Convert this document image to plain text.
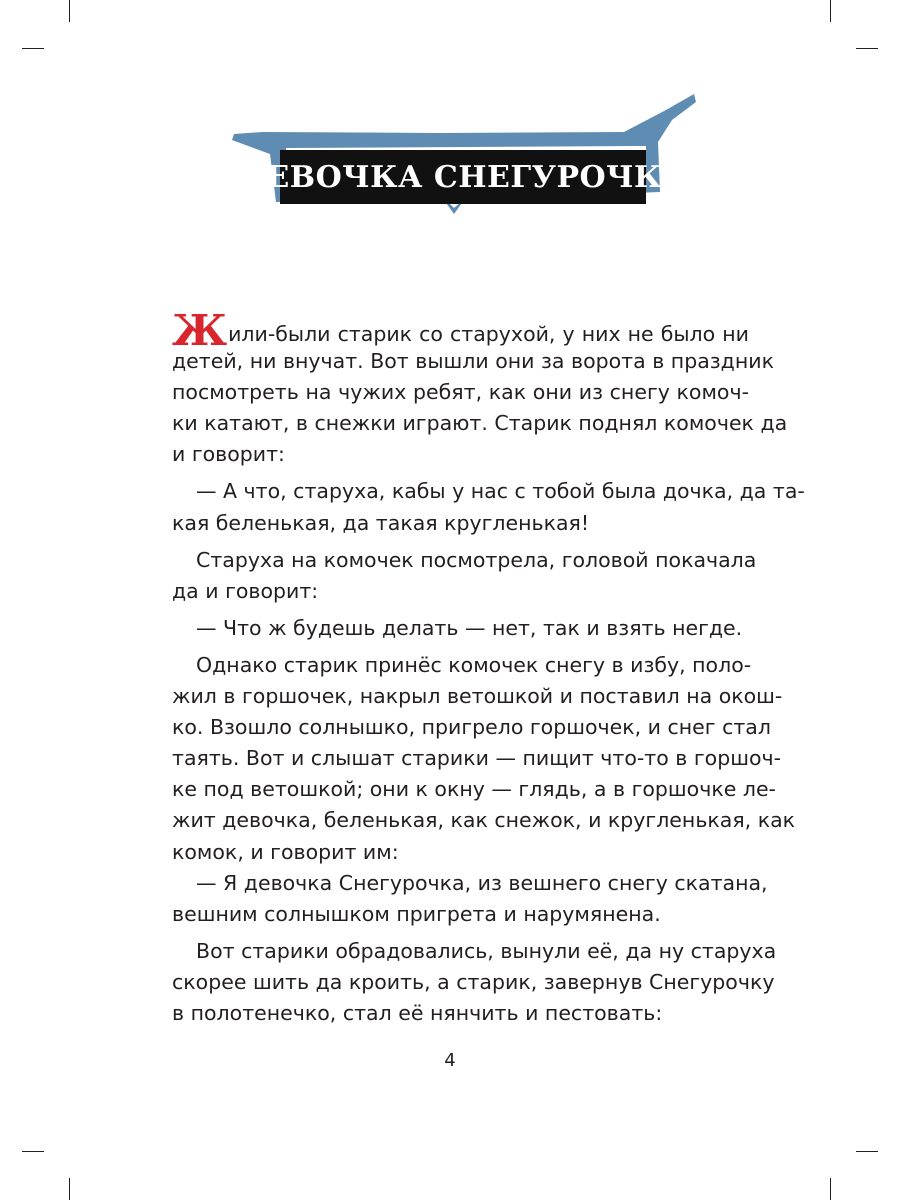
ДЕВОЧКА СНЕГУРОЧКА
Жили-были старик со старухой, у них не было ни
детей, ни внучат. Вот вышли они за ворота в праздник
посмотреть на чужих ребят, как они из снегу комоч-
ки катают, в снежки играют. Старик поднял комочек да
и говорит:
— А что, старуха, кабы у нас с тобой была дочка, да та-
кая беленькая, да такая кругленькая!
Старуха на комочек посмотрела, головой покачала
да и говорит:
— Что ж будешь делать — нет, так и взять негде.
Однако старик принёс комочек снегу в избу, поло-
жил в горшочек, накрыл ветошкой и поставил на окош-
ко. Взошло солнышко, пригрело горшочек, и снег стал
таять. Вот и слышат старики — пищит что-то в горшоч-
ке под ветошкой; они к окну — глядь, а в горшочке ле-
жит девочка, беленькая, как снежок, и кругленькая, как
комок, и говорит им:
— Я девочка Снегурочка, из вешнего снегу скатана,
вешним солнышком пригрета и нарумянена.
Вот старики обрадовались, вынули её, да ну старуха
скорее шить да кроить, а старик, завернув Снегурочку
в полотенечко, стал её нянчить и пестовать:
4
